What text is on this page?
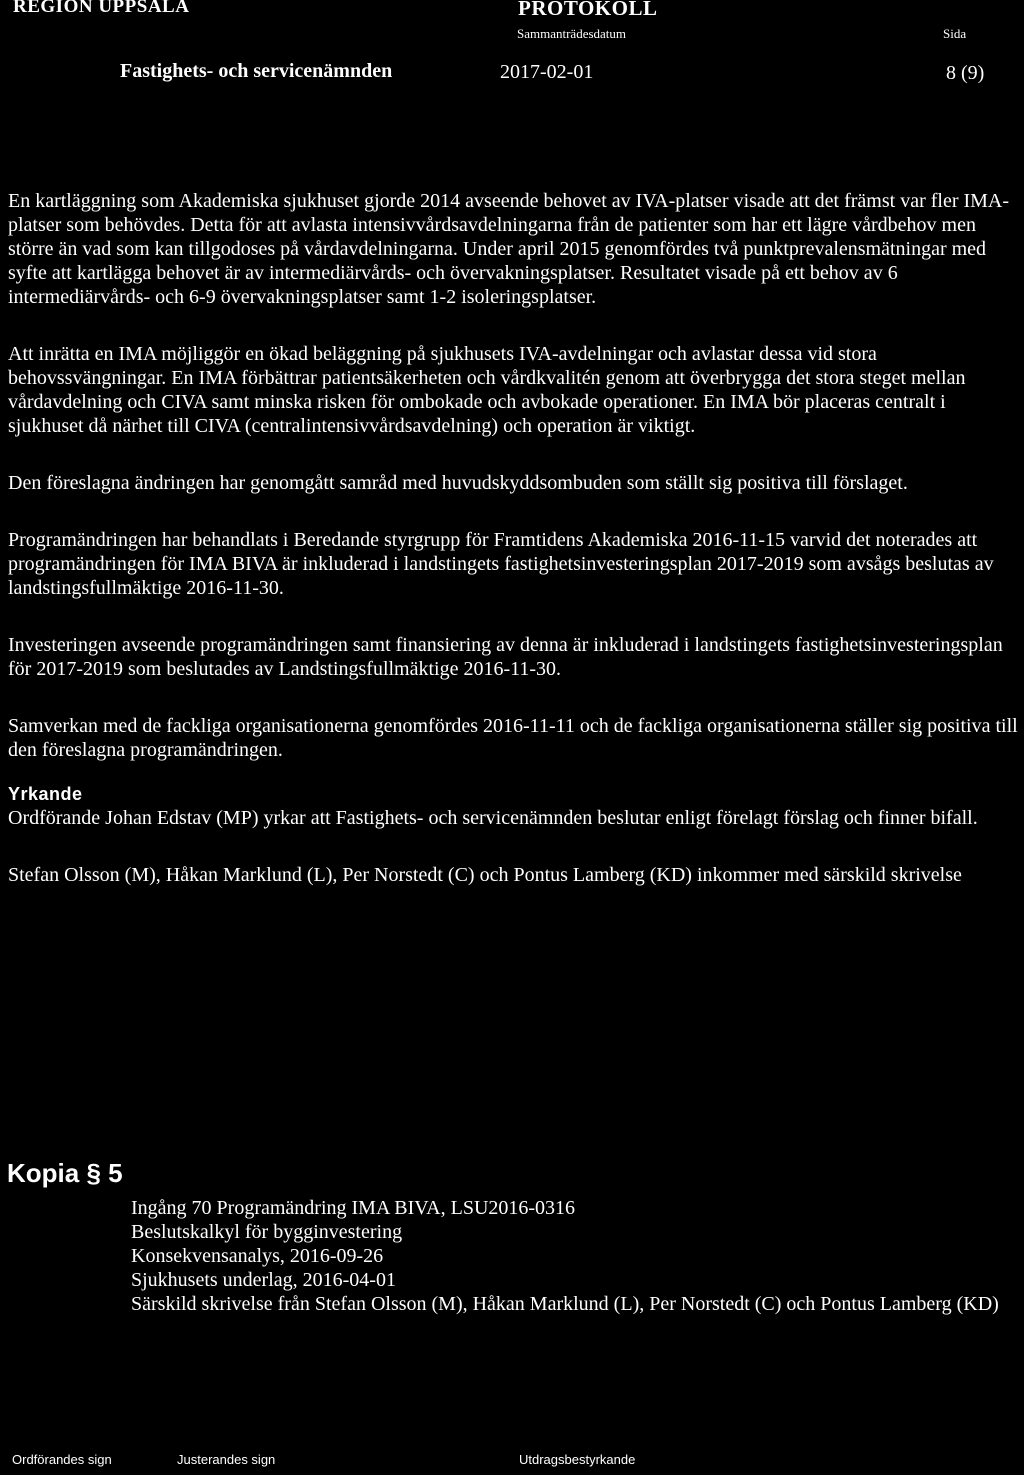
REGION UPPSALA	PROTOKOLL
Sammanträdesdatum	Sida
Fastighets- och servicenämnden	2017-02-01	8 (9)

En kartläggning som Akademiska sjukhuset gjorde 2014 avseende behovet av IVA-platser visade att det främst var fler IMA-platser som behövdes. Detta för att avlasta intensivvårdsavdelningarna från de patienter som har ett lägre vårdbehov men större än vad som kan tillgodoses på vårdavdelningarna. Under april 2015 genomfördes två punktprevalensmätningar med syfte att kartlägga behovet är av intermediärvårds- och övervakningsplatser. Resultatet visade på ett behov av 6 intermediärvårds- och 6-9 övervakningsplatser samt 1-2 isoleringsplatser.

Att inrätta en IMA möjliggör en ökad beläggning på sjukhusets IVA-avdelningar och avlastar dessa vid stora behovssvängningar. En IMA förbättrar patientsäkerheten och vårdkvalitén genom att överbrygga det stora steget mellan vårdavdelning och CIVA samt minska risken för ombokade och avbokade operationer. En IMA bör placeras centralt i sjukhuset då närhet till CIVA (centralintensivvårdsavdelning) och operation är viktigt.

Den föreslagna ändringen har genomgått samråd med huvudskyddsombuden som ställt sig positiva till förslaget.

Programändringen har behandlats i Beredande styrgrupp för Framtidens Akademiska 2016-11-15 varvid det noterades att programändringen för IMA BIVA är inkluderad i landstingets fastighetsinvesteringsplan 2017-2019 som avsågs beslutas av landstingsfullmäktige 2016-11-30.

Investeringen avseende programändringen samt finansiering av denna är inkluderad i landstingets fastighetsinvesteringsplan för 2017-2019 som beslutades av Landstingsfullmäktige 2016-11-30.

Samverkan med de fackliga organisationerna genomfördes 2016-11-11 och de fackliga organisationerna ställer sig positiva till den föreslagna programändringen.

Yrkande

Ordförande Johan Edstav (MP) yrkar att Fastighets- och servicenämnden beslutar enligt förelagt förslag och finner bifall.

Stefan Olsson (M), Håkan Marklund (L), Per Norstedt (C) och Pontus Lamberg (KD) inkommer med särskild skrivelse

Kopia § 5
Ingång 70 Programändring IMA BIVA, LSU2016-0316
Beslutskalkyl för bygginvestering
Konsekvensanalys, 2016-09-26
Sjukhusets underlag, 2016-04-01
Särskild skrivelse från Stefan Olsson (M), Håkan Marklund (L), Per Norstedt (C) och Pontus Lamberg (KD)
Ordförandes sign	Justerandes sign	Utdragsbestyrkande
